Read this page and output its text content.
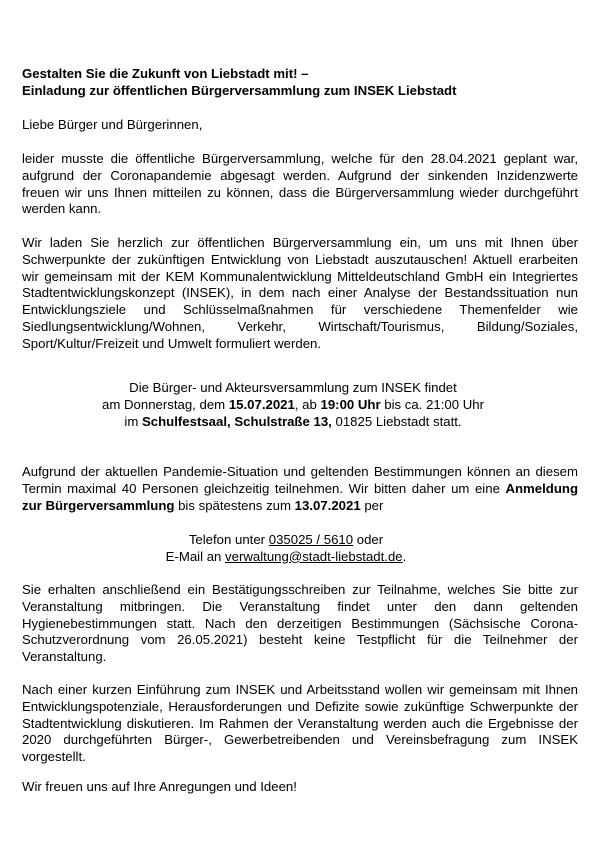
Gestalten Sie die Zukunft von Liebstadt mit! –
Einladung zur öffentlichen Bürgerversammlung zum INSEK Liebstadt
Liebe Bürger und Bürgerinnen,
leider musste die öffentliche Bürgerversammlung, welche für den 28.04.2021 geplant war,
aufgrund der Coronapandemie abgesagt werden. Aufgrund der sinkenden Inzidenzwerte
freuen wir uns Ihnen mitteilen zu können, dass die Bürgerversammlung wieder durchgeführt
werden kann.
Wir laden Sie herzlich zur öffentlichen Bürgerversammlung ein, um uns mit Ihnen über
Schwerpunkte der zukünftigen Entwicklung von Liebstadt auszutauschen! Aktuell erarbeiten
wir gemeinsam mit der KEM Kommunalentwicklung Mitteldeutschland GmbH ein Integriertes
Stadtentwicklungskonzept (INSEK), in dem nach einer Analyse der Bestandssituation nun
Entwicklungsziele und Schlüsselmaßnahmen für verschiedene Themenfelder wie
Siedlungsentwicklung/Wohnen, Verkehr, Wirtschaft/Tourismus, Bildung/Soziales,
Sport/Kultur/Freizeit und Umwelt formuliert werden.
Die Bürger- und Akteursversammlung zum INSEK findet
am Donnerstag, dem 15.07.2021, ab 19:00 Uhr bis ca. 21:00 Uhr
im Schulfestsaal, Schulstraße 13, 01825 Liebstadt statt.
Aufgrund der aktuellen Pandemie-Situation und geltenden Bestimmungen können an diesem
Termin maximal 40 Personen gleichzeitig teilnehmen. Wir bitten daher um eine Anmeldung
zur Bürgerversammlung bis spätestens zum 13.07.2021 per
Telefon unter 035025 / 5610 oder
E-Mail an verwaltung@stadt-liebstadt.de.
Sie erhalten anschließend ein Bestätigungsschreiben zur Teilnahme, welches Sie bitte zur
Veranstaltung mitbringen. Die Veranstaltung findet unter den dann geltenden
Hygienebestimmungen statt. Nach den derzeitigen Bestimmungen (Sächsische Corona-
Schutzverordnung vom 26.05.2021) besteht keine Testpflicht für die Teilnehmer der
Veranstaltung.
Nach einer kurzen Einführung zum INSEK und Arbeitsstand wollen wir gemeinsam mit Ihnen
Entwicklungspotenziale, Herausforderungen und Defizite sowie zukünftige Schwerpunkte der
Stadtentwicklung diskutieren. Im Rahmen der Veranstaltung werden auch die Ergebnisse der
2020 durchgeführten Bürger-, Gewerbetreibenden und Vereinsbefragung zum INSEK
vorgestellt.
Wir freuen uns auf Ihre Anregungen und Ideen!
